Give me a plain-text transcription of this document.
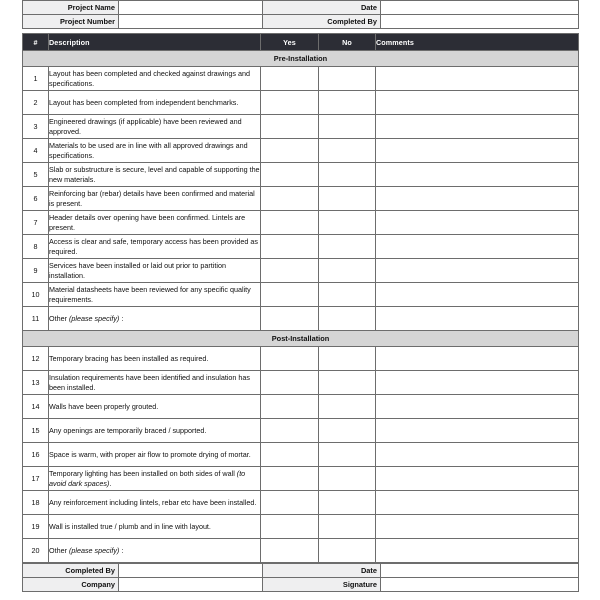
Project Name		Date	
Project Number		Completed By	
#	Description	Yes	No	Comments
Pre-Installation				
1	Layout has been completed and checked against drawings and specifications.			
2	Layout has been completed from independent benchmarks.			
3	Engineered drawings (if applicable) have been reviewed and approved.			
4	Materials to be used are in line with all approved drawings and specifications.			
5	Slab or substructure is secure, level and capable of supporting the new materials.			
6	Reinforcing bar (rebar) details have been confirmed and material is present.			
7	Header details over opening have been confirmed. Lintels are present.			
8	Access is clear and safe, temporary access has been provided as required.			
9	Services have been installed or laid out prior to partition installation.			
10	Material datasheets have been reviewed for any specific quality requirements.			
11	Other (please specify) :			
Post-Installation				
12	Temporary bracing has been installed as required.			
13	Insulation requirements have been identified and insulation has been installed.			
14	Walls have been properly grouted.			
15	Any openings are temporarily braced / supported.			
16	Space is warm, with proper air flow to promote drying of mortar.			
17	Temporary lighting has been installed on both sides of wall (to avoid dark spaces).			
18	Any reinforcement including lintels, rebar etc have been installed.			
19	Wall is installed true / plumb and in line with layout.			
20	Other (please specify) :			
Completed By		Date	
Company		Signature	
